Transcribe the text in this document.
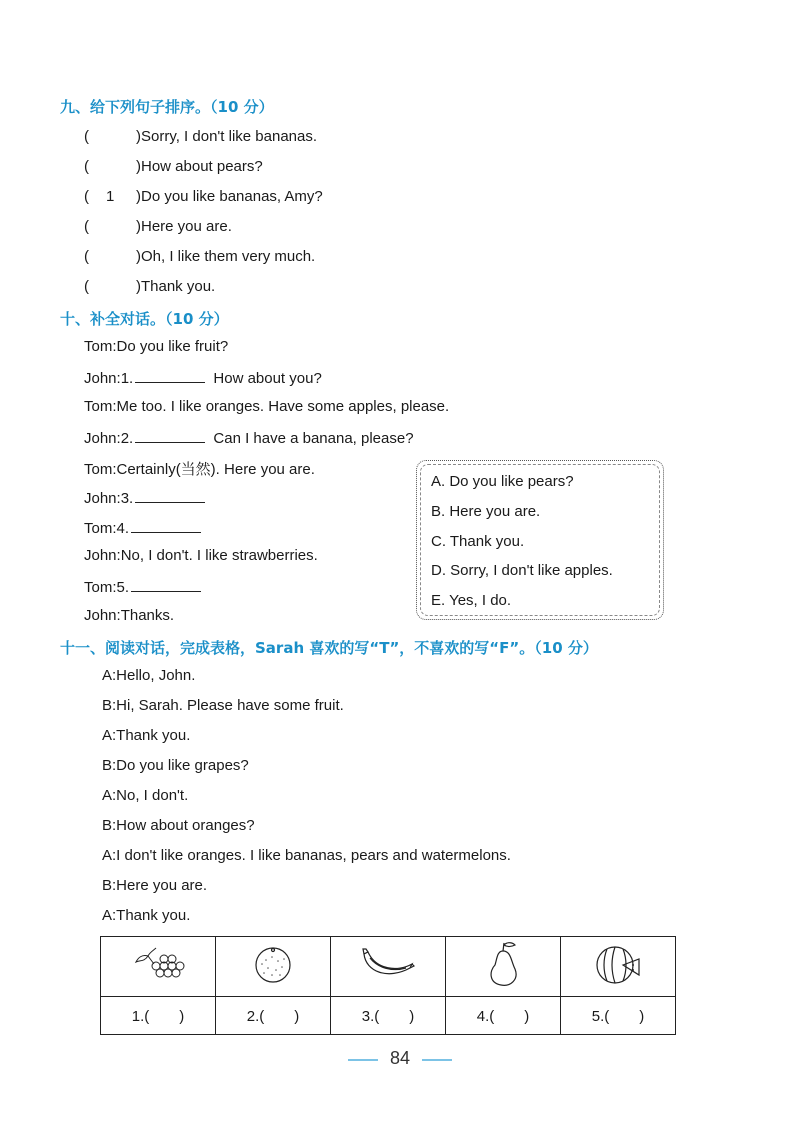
九、给下列句子排序。（10 分）
(	)Sorry, I don't like bananas.
(	)How about pears?
( 1 )Do you like bananas, Amy?
(	)Here you are.
(	)Oh, I like them very much.
(	)Thank you.
十、补全对话。（10 分）
Tom:Do you like fruit?
John:1.	How about you?
Tom:Me too. I like oranges. Have some apples, please.
John:2.	Can I have a banana, please?
Tom:Certainly(当然). Here you are.
John:3.
Tom:4.
John:No, I don't. I like strawberries.
Tom:5.
John:Thanks.
A. Do you like pears?
B. Here you are.
C. Thank you.
D. Sorry, I don't like apples.
E. Yes, I do.
十一、阅读对话，完成表格，Sarah 喜欢的写“T”，不喜欢的写“F”。（10 分）
A:Hello, John.
B:Hi, Sarah. Please have some fruit.
A:Thank you.
B:Do you like grapes?
A:No, I don't.
B:How about oranges?
A:I don't like oranges. I like bananas, pears and watermelons.
B:Here you are.
A:Thank you.

1.(　　)	2.(　　)	3.(　　)	4.(　　)	5.(　　)
84
